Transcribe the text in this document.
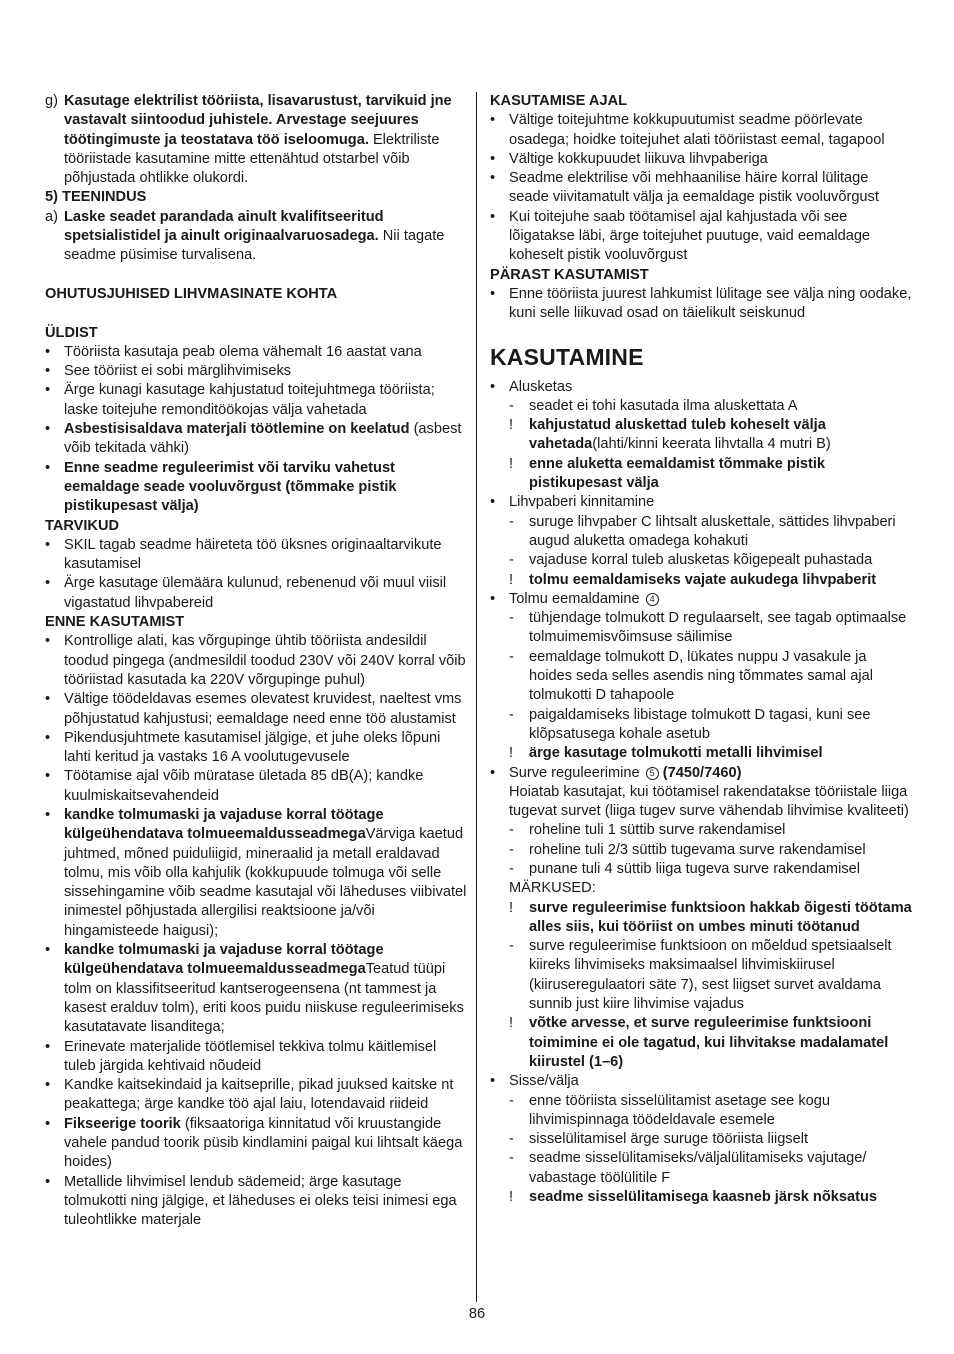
g) Kasutage elektrilist tööriista, lisavarustust, tarvikuid jne vastavalt siintoodud juhistele. Arvestage seejuures töötingimuste ja teostatava töö iseloomuga. Elektriliste tööriistade kasutamine mitte ettenähtud otstarbel võib põhjustada ohtlikke olukordi.

5) TEENINDUS

a) Laske seadet parandada ainult kvalifitseeritud spetsialistidel ja ainult originaalvaruosadega. Nii tagate seadme püsimise turvalisena.

OHUTUSJUHISED LIHVMASINATE KOHTA

ÜLDIST

• Tööriista kasutaja peab olema vähemalt 16 aastat vana

• See tööriist ei sobi märglihvimiseks

• Ärge kunagi kasutage kahjustatud toitejuhtmega tööriista; laske toitejuhe remonditöökojas välja vahetada

• Asbestisisaldava materjali töötlemine on keelatud (asbest võib tekitada vähki)

• Enne seadme reguleerimist või tarviku vahetust eemaldage seade vooluvõrgust (tõmmake pistik pistikupesast välja)

TARVIKUD

• SKIL tagab seadme häireteta töö üksnes originaaltarvikute kasutamisel

• Ärge kasutage ülemäära kulunud, rebenenud või muul viisil vigastatud lihvpabereid

ENNE KASUTAMIST

• Kontrollige alati, kas võrgupinge ühtib tööriista andesildil toodud pingega (andmesildil toodud 230V või 240V korral võib tööriistad kasutada ka 220V võrgupinge puhul)

• Vältige töödeldavas esemes olevatest kruvidest, naeltest vms põhjustatud kahjustusi; eemaldage need enne töö alustamist

• Pikendusjuhtmete kasutamisel jälgige, et juhe oleks lõpuni lahti keritud ja vastaks 16 A voolutugevusele

• Töötamise ajal võib müratase ületada 85 dB(A); kandke kuulmiskaitsevahendeid

• kandke tolmumaski ja vajaduse korral töötage külgeühendatava tolmueemaldusseadmegaVärviga kaetud juhtmed, mõned puiduliigid, mineraalid ja metall eraldavad tolmu, mis võib olla kahjulik (kokkupuude tolmuga või selle sissehingamine võib seadme kasutajal või läheduses viibivatel inimestel põhjustada allergilisi reaktsioone ja/või hingamisteede haigusi);

• kandke tolmumaski ja vajaduse korral töötage külgeühendatava tolmueemaldusseadmegaTeatud tüüpi tolm on klassifitseeritud kantserogeensena (nt tammest ja kasest eralduv tolm), eriti koos puidu niiskuse reguleerimiseks kasutatavate lisanditega;

• Erinevate materjalide töötlemisel tekkiva tolmu käitlemisel tuleb järgida kehtivaid nõudeid

• Kandke kaitsekindaid ja kaitseprille, pikad juuksed kaitske nt peakattega; ärge kandke töö ajal laiu, lotendavaid riideid

• Fikseerige toorik (fiksaatoriga kinnitatud või kruustangide vahele pandud toorik püsib kindlamini paigal kui lihtsalt käega hoides)

• Metallide lihvimisel lendub sädemeid; ärge kasutage tolmukotti ning jälgige, et läheduses ei oleks teisi inimesi ega tuleohtlikke materjale

KASUTAMISE AJAL

• Vältige toitejuhtme kokkupuutumist seadme pöörlevate osadega; hoidke toitejuhet alati tööriistast eemal, tagapool

• Vältige kokkupuudet liikuva lihvpaberiga

• Seadme elektrilise või mehhaanilise häire korral lülitage seade viivitamatult välja ja eemaldage pistik vooluvõrgust

• Kui toitejuhe saab töötamisel ajal kahjustada või see lõigatakse läbi, ärge toitejuhet puutuge, vaid eemaldage koheselt pistik vooluvõrgust

PÄRAST KASUTAMIST

• Enne tööriista juurest lahkumist lülitage see välja ning oodake, kuni selle liikuvad osad on täielikult seiskunud

KASUTAMINE
• Alusketas

-	seadet ei tohi kasutada ilma aluskettata A

!	kahjustatud aluskettad tuleb koheselt välja vahetada(lahti/kinni keerata lihvtalla 4 mutri B)

!	enne aluketta eemaldamist tõmmake pistik pistikupesast välja

• Lihvpaberi kinnitamine

-	suruge lihvpaber C lihtsalt aluskettale, sättides lihvpaberi augud aluketta omadega kohakuti

-	vajaduse korral tuleb alusketas kõigepealt puhastada

!	tolmu eemaldamiseks vajate aukudega lihvpaberit

• Tolmu eemaldamine 4

-	tühjendage tolmukott D regulaarselt, see tagab optimaalse tolmuimemisvõimsuse säilimise

-	eemaldage tolmukott D, lükates nuppu J vasakule ja hoides seda selles asendis ning tõmmates samal ajal tolmukotti D tahapoole

-	paigaldamiseks libistage tolmukott D tagasi, kuni see klõpsatusega kohale asetub

!	ärge kasutage tolmukotti metalli lihvimisel

• Surve reguleerimine 5 (7450/7460)
Hoiatab kasutajat, kui töötamisel rakendatakse tööriistale liiga tugevat survet (liiga tugev surve vähendab lihvimise kvaliteeti)

-	roheline tuli 1 süttib surve rakendamisel

-	roheline tuli 2/3 süttib tugevama surve rakendamisel

-	punane tuli 4 süttib liiga tugeva surve rakendamisel

MÄRKUSED:

!	surve reguleerimise funktsioon hakkab õigesti töötama alles siis, kui tööriist on umbes minuti töötanud

-	surve reguleerimise funktsioon on mõeldud spetsiaalselt kiireks lihvimiseks maksimaalsel lihvimiskiirusel (kiiruseregulaatori säte 7), sest liigset survet avaldama sunnib just kiire lihvimise vajadus

!	võtke arvesse, et surve reguleerimise funktsiooni toimimine ei ole tagatud, kui lihvitakse madalamatel kiirustel (1–6)

• Sisse/välja

-	enne tööriista sisselülitamist asetage see kogu lihvimispinnaga töödeldavale esemele

-	sisselülitamisel ärge suruge tööriista liigselt

-	seadme sisselülitamiseks/väljalülitamiseks vajutage/ vabastage töölülitile F

!	seadme sisselülitamisega kaasneb järsk nõksatus

86
